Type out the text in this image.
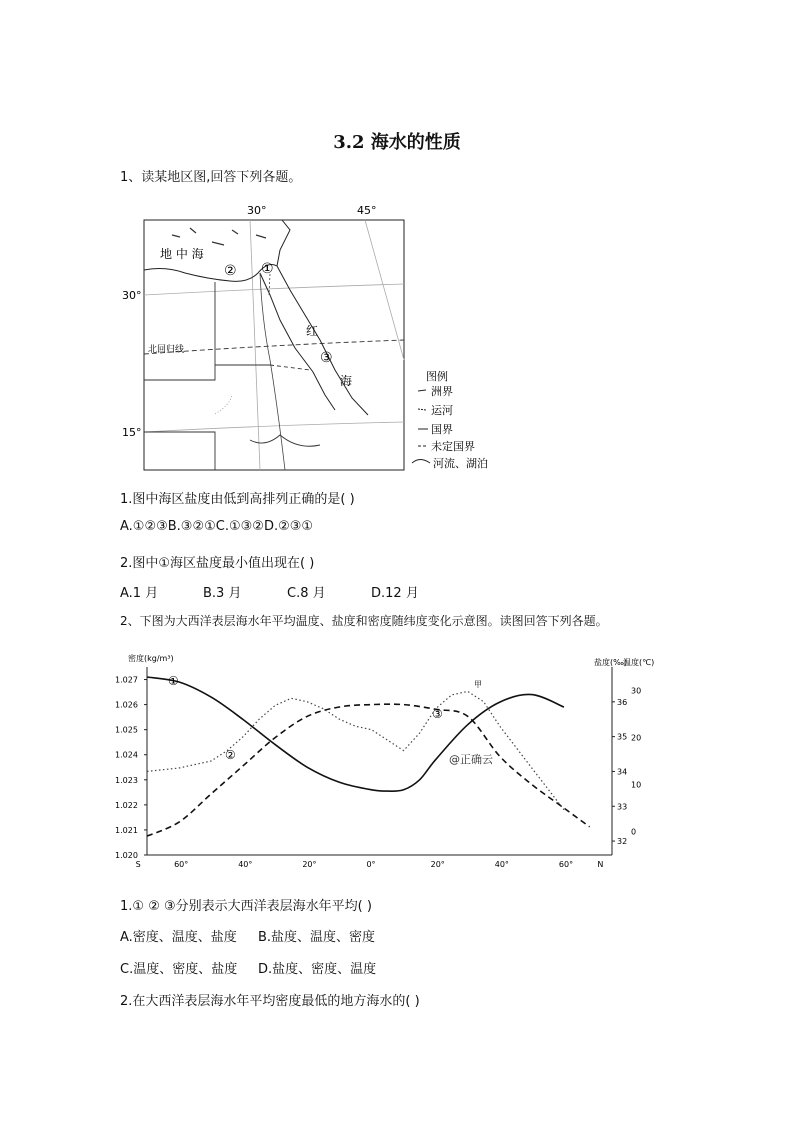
3.2 海水的性质
1、读某地区图,回答下列各题。
30°	45°
30°
15°
北回归线
地 中 海
红
海
①
②
③
图例
洲界
运河
国界
未定国界
河流、湖泊
1.图中海区盐度由低到高排列正确的是( )
A.①②③B.③②①C.①③②D.②③①
2.图中①海区盐度最小值出现在( )
A.1 月	B.3 月	C.8 月	D.12 月
2、下图为大西洋表层海水年平均温度、盐度和密度随纬度变化示意图。读图回答下列各题。
密度(kg/m³)	盐度(‰)
温度(℃)
1.027
1.026
1.025
1.024
1.023
1.022
1.021
1.020
36
35
34
33
32
30
20
10
0
S	60°	40°	20°	0°	20°	40°	60°	N
①
②
③
甲
@正确云
1.① ② ③分别表示大西洋表层海水年平均( )
A.密度、温度、盐度 B.盐度、温度、密度
C.温度、密度、盐度 D.盐度、密度、温度
2.在大西洋表层海水年平均密度最低的地方海水的( )
